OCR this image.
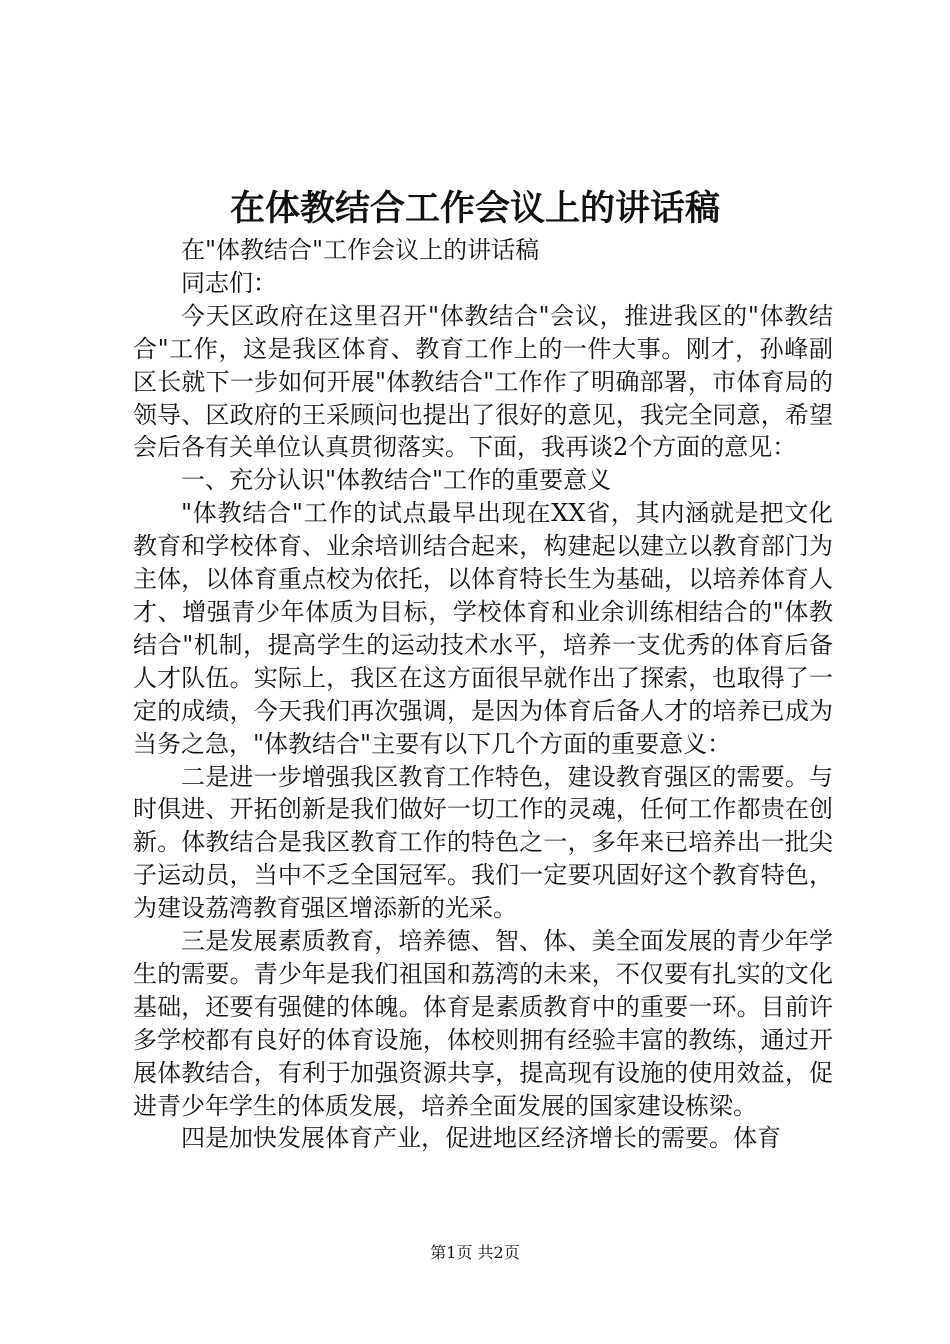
在体教结合工作会议上的讲话稿

在"体教结合"工作会议上的讲话稿

同志们：

今天区政府在这里召开"体教结合"会议，推进我区的"体教结合"工作，这是我区体育、教育工作上的一件大事。刚才，孙峰副区长就下一步如何开展"体教结合"工作作了明确部署，市体育局的领导、区政府的王采顾问也提出了很好的意见，我完全同意，希望会后各有关单位认真贯彻落实。下面，我再谈2个方面的意见：

一、充分认识"体教结合"工作的重要意义

"体教结合"工作的试点最早出现在XX省，其内涵就是把文化教育和学校体育、业余培训结合起来，构建起以建立以教育部门为主体，以体育重点校为依托，以体育特长生为基础，以培养体育人才、增强青少年体质为目标，学校体育和业余训练相结合的"体教结合"机制，提高学生的运动技术水平，培养一支优秀的体育后备人才队伍。实际上，我区在这方面很早就作出了探索，也取得了一定的成绩，今天我们再次强调，是因为体育后备人才的培养已成为当务之急，"体教结合"主要有以下几个方面的重要意义：

二是进一步增强我区教育工作特色，建设教育强区的需要。与时俱进、开拓创新是我们做好一切工作的灵魂，任何工作都贵在创新。体教结合是我区教育工作的特色之一，多年来已培养出一批尖子运动员，当中不乏全国冠军。我们一定要巩固好这个教育特色，为建设荔湾教育强区增添新的光采。

三是发展素质教育，培养德、智、体、美全面发展的青少年学生的需要。青少年是我们祖国和荔湾的未来，不仅要有扎实的文化基础，还要有强健的体魄。体育是素质教育中的重要一环。目前许多学校都有良好的体育设施，体校则拥有经验丰富的教练，通过开展体教结合，有利于加强资源共享，提高现有设施的使用效益，促进青少年学生的体质发展，培养全面发展的国家建设栋梁。

四是加快发展体育产业，促进地区经济增长的需要。体育

第1页 共2页
